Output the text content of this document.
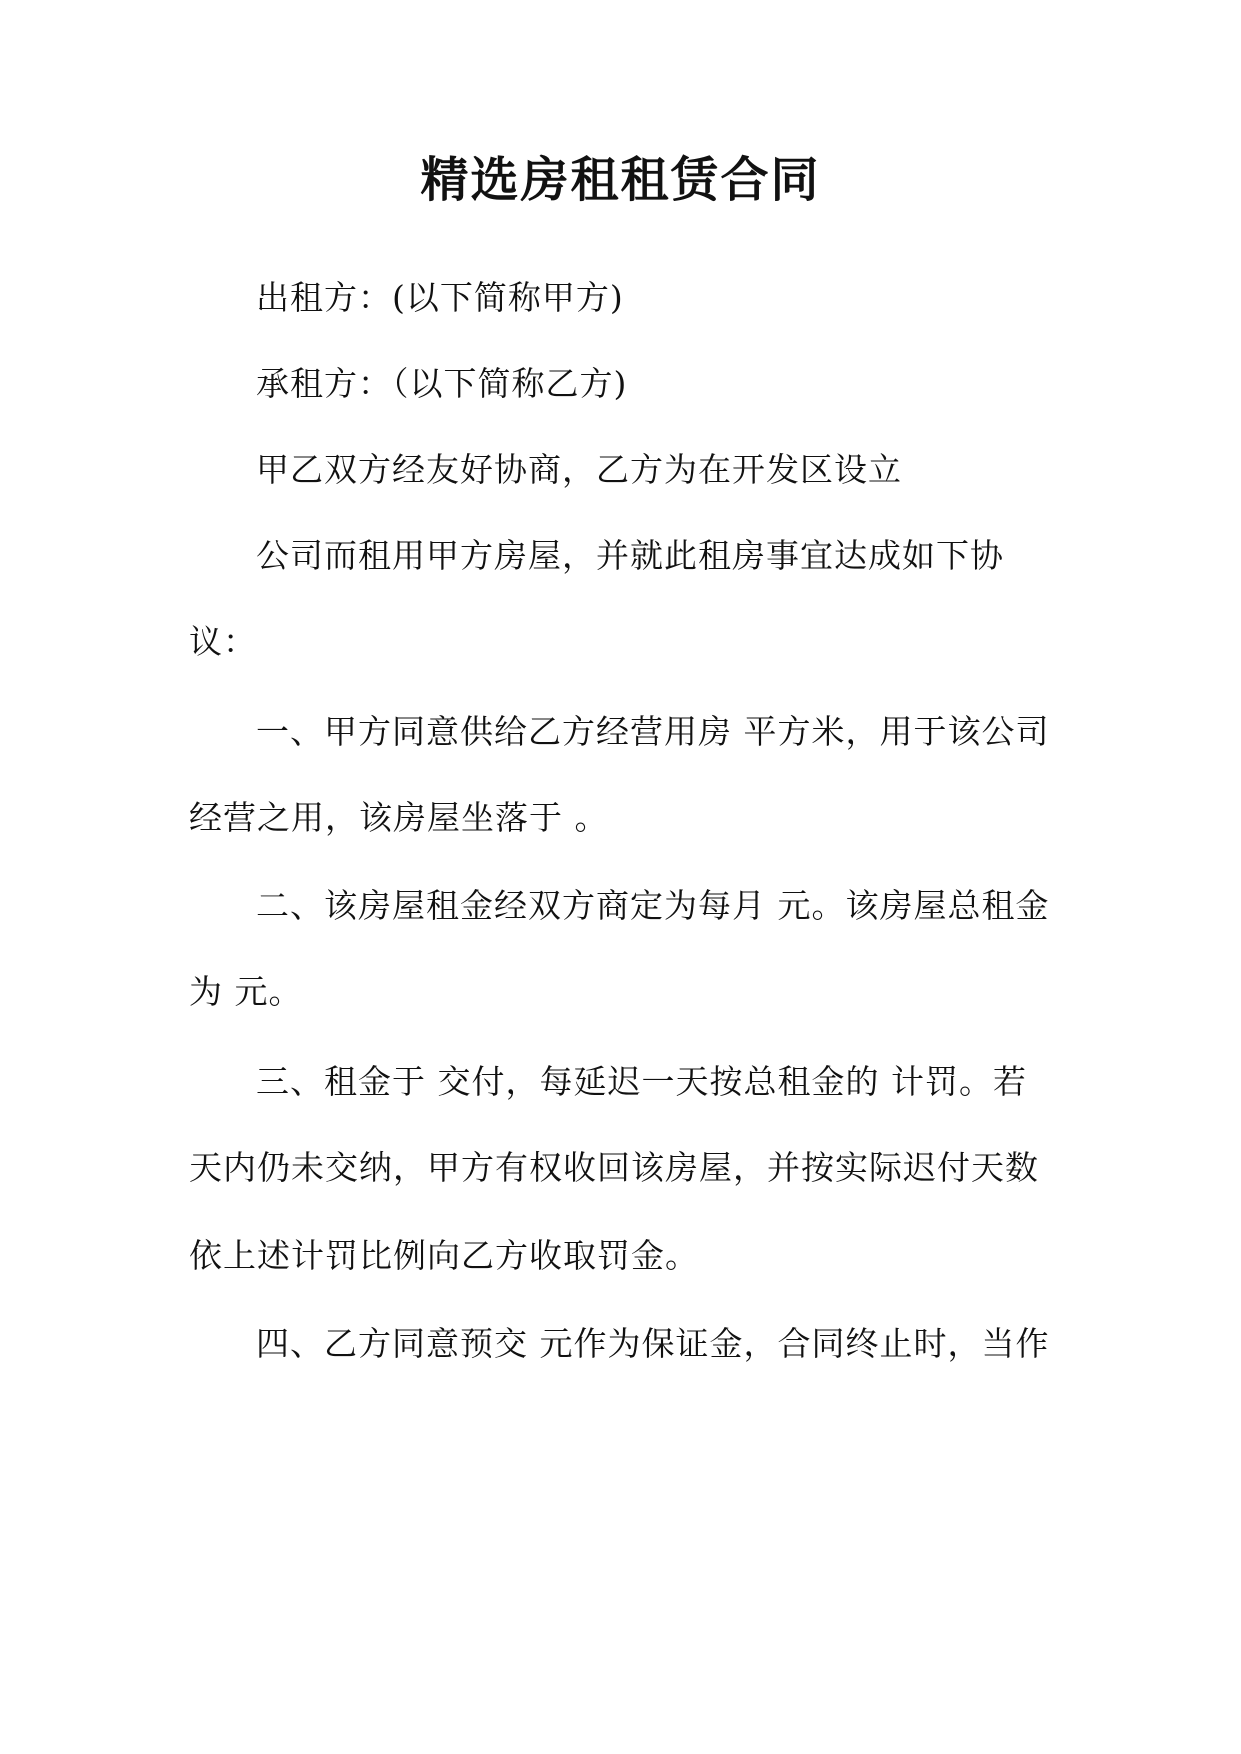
精选房租租赁合同

出租方：(以下简称甲方)

承租方：（以下简称乙方)

甲乙双方经友好协商，乙方为在开发区设立

公司而租用甲方房屋，并就此租房事宜达成如下协

议：

一、甲方同意供给乙方经营用房 平方米，用于该公司

经营之用，该房屋坐落于 。

二、该房屋租金经双方商定为每月 元。该房屋总租金

为 元。

三、租金于 交付，每延迟一天按总租金的 计罚。若

天内仍未交纳，甲方有权收回该房屋，并按实际迟付天数

依上述计罚比例向乙方收取罚金。

四、乙方同意预交 元作为保证金，合同终止时，当作
